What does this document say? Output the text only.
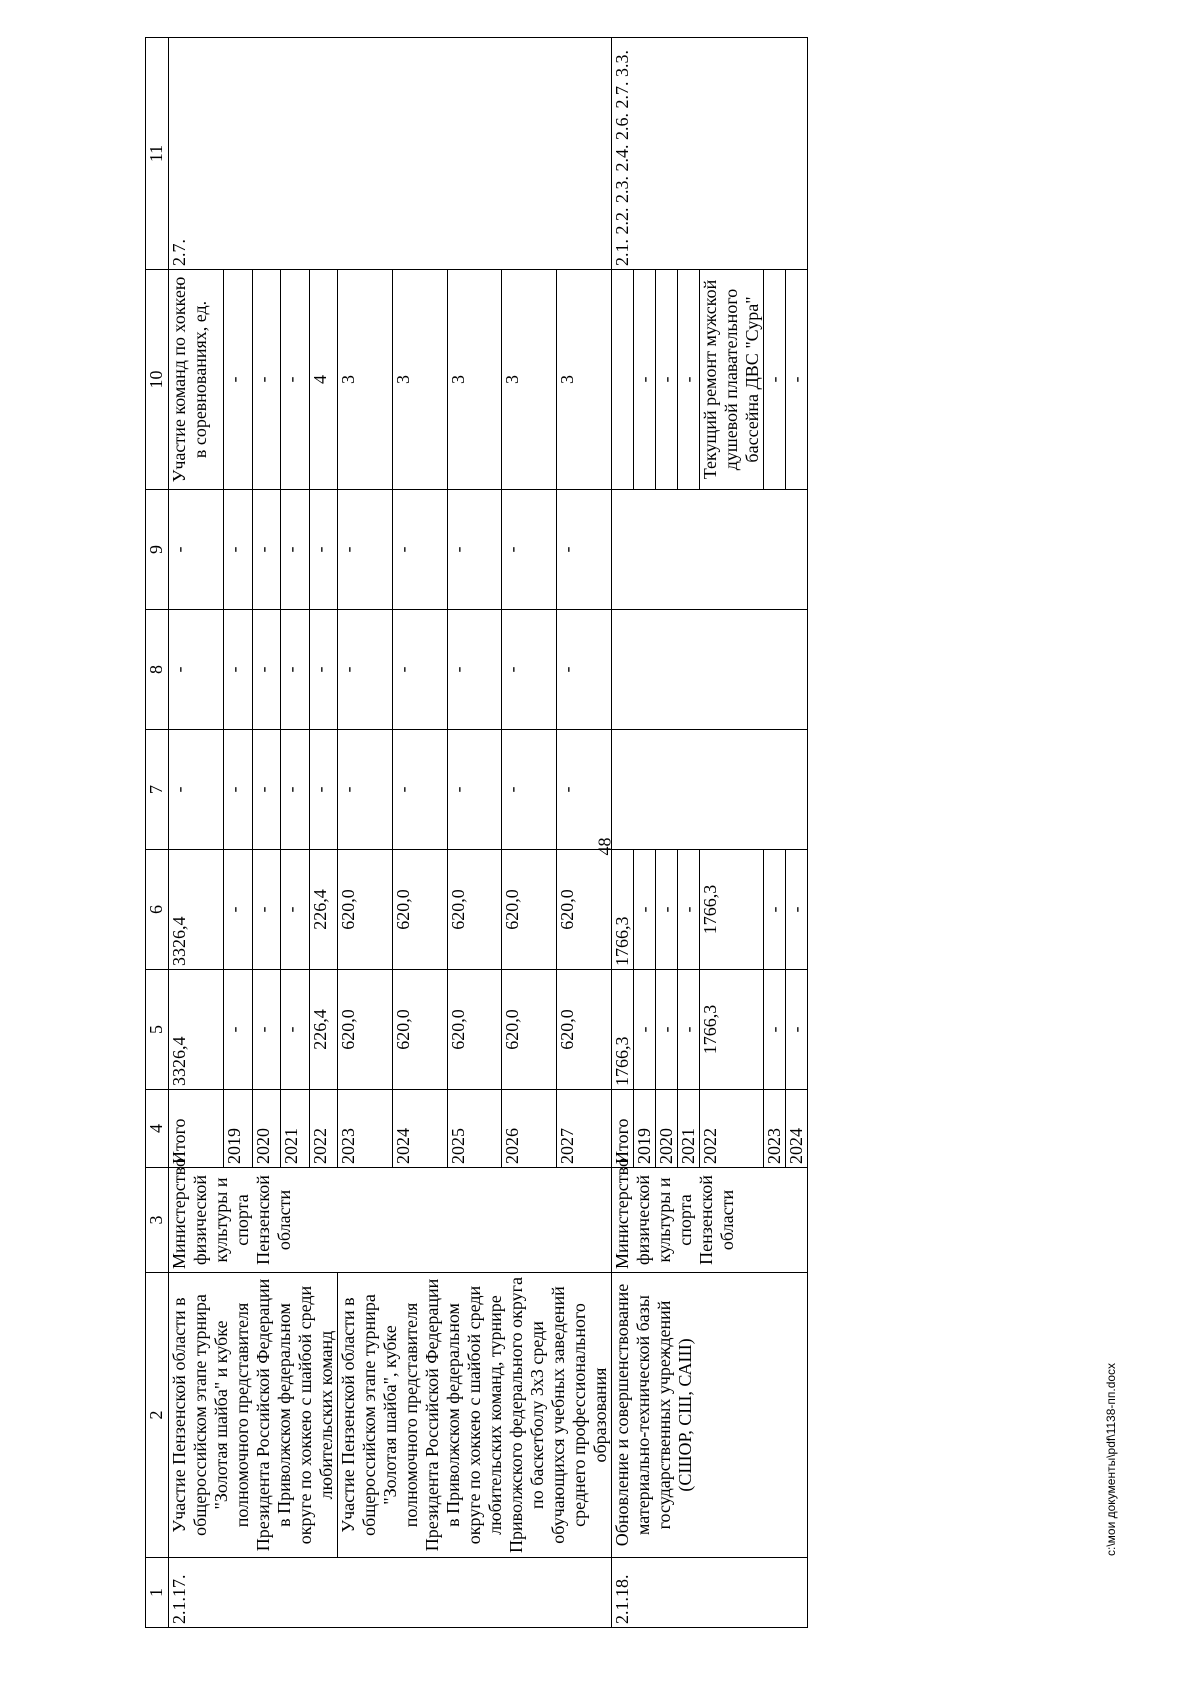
48
1	2	3	4	5	6	7	8	9	10	11
2.1.17.	Участие Пензенской области в общероссийском этапе турнира "Золотая шайба" и кубке полномочного представителя Президента Российской Федерации в Приволжском федеральном округе по хоккею с шайбой среди любительских команд	Министерство физической культуры и спорта Пензенской области	Итого	3326,4	3326,4	-	-	-	Участие команд по хоккею в соревнованиях, ед.	2.7.
			2019	-	-	-	-	-	-	
			2020	-	-	-	-	-	-	
			2021	-	-	-	-	-	-	
			2022	226,4	226,4	-	-	-	4	
	Участие Пензенской области в общероссийском этапе турнира "Золотая шайба", кубке полномочного представителя Президента Российской Федерации в Приволжском федеральном округе по хоккею с шайбой среди любительских команд, турнире Приволжского федерального округа по баскетболу 3x3 среди обучающихся учебных заведений среднего профессионального образования		2023	620,0	620,0	-	-	-	3	
			2024	620,0	620,0	-	-	-	3	
			2025	620,0	620,0	-	-	-	3	
			2026	620,0	620,0	-	-	-	3	
			2027	620,0	620,0	-	-	-	3	
2.1.18.	Обновление и совершенствование материально-технической базы государственных учреждений (СШОР, СШ, САШ)	Министерство физической культуры и спорта Пензенской области	Итого	1766,3	1766,3					2.1. 2.2. 2.3. 2.4. 2.6. 2.7. 3.3.
			2019	-	-				-	
			2020	-	-				-	
			2021	-	-				-	
			2022	1766,3	1766,3				Текущий ремонт мужской душевой плавательного бассейна ДВС "Сура"	
			2023	-	-				-	
			2024	-	-				-	
c:\мои документы\pdf\1138-пп.docx
